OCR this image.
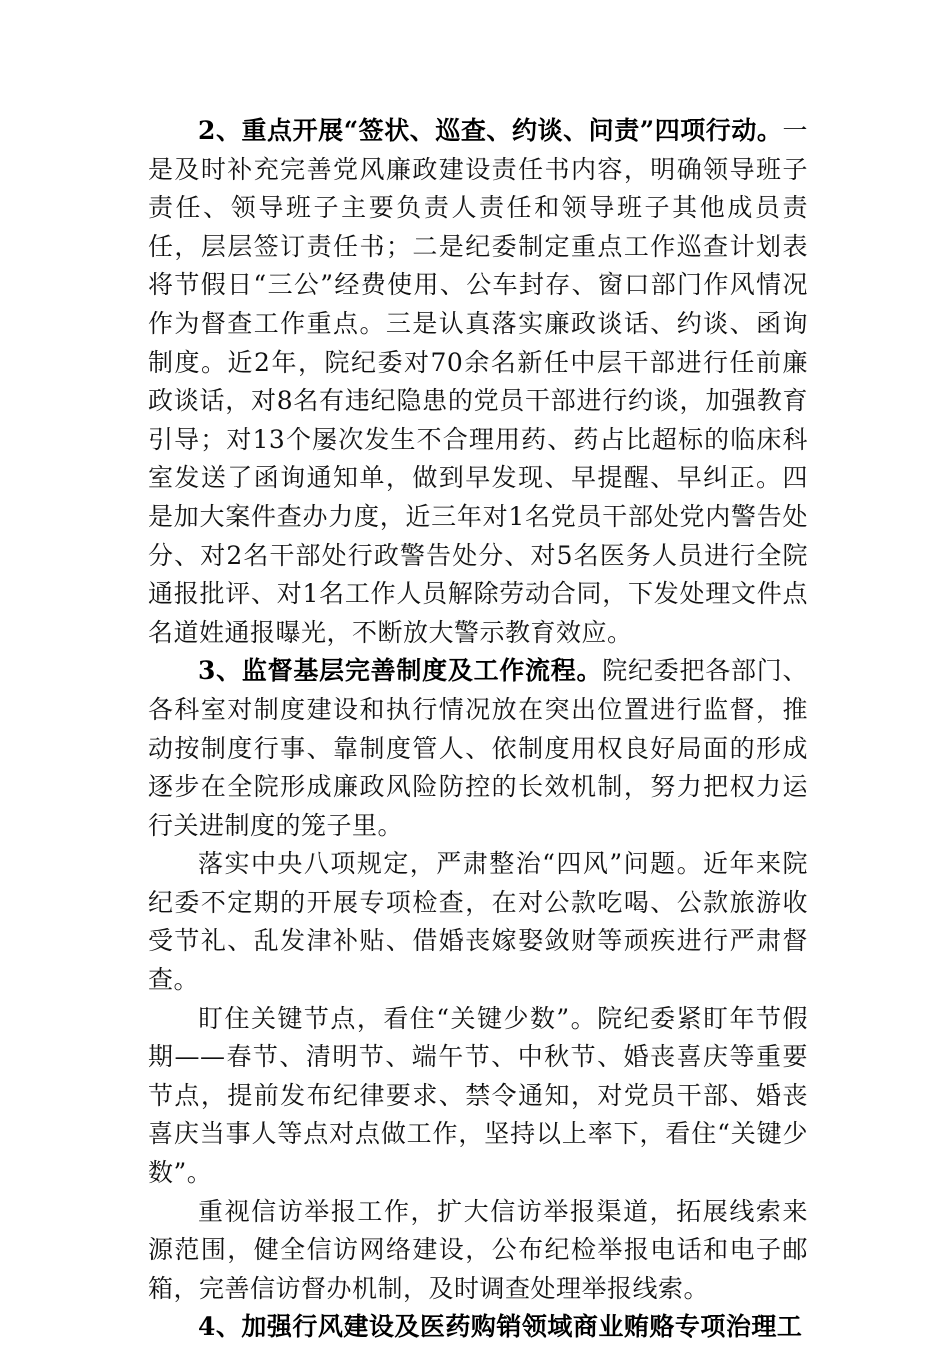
2、重点开展“签状、巡查、约谈、问责”四项行动。一是及时补充完善党风廉政建设责任书内容，明确领导班子责任、领导班子主要负责人责任和领导班子其他成员责任，层层签订责任书；二是纪委制定重点工作巡查计划表将节假日“三公”经费使用、公车封存、窗口部门作风情况作为督查工作重点。三是认真落实廉政谈话、约谈、函询制度。近2年，院纪委对70余名新任中层干部进行任前廉政谈话，对8名有违纪隐患的党员干部进行约谈，加强教育引导；对13个屡次发生不合理用药、药占比超标的临床科室发送了函询通知单，做到早发现、早提醒、早纠正。四是加大案件查办力度，近三年对1名党员干部处党内警告处分、对2名干部处行政警告处分、对5名医务人员进行全院通报批评、对1名工作人员解除劳动合同，下发处理文件点名道姓通报曝光，不断放大警示教育效应。

3、监督基层完善制度及工作流程。院纪委把各部门、各科室对制度建设和执行情况放在突出位置进行监督，推动按制度行事、靠制度管人、依制度用权良好局面的形成逐步在全院形成廉政风险防控的长效机制，努力把权力运行关进制度的笼子里。

落实中央八项规定，严肃整治“四风”问题。近年来院纪委不定期的开展专项检查，在对公款吃喝、公款旅游收受节礼、乱发津补贴、借婚丧嫁娶敛财等顽疾进行严肃督查。

盯住关键节点，看住“关键少数”。院纪委紧盯年节假期——春节、清明节、端午节、中秋节、婚丧喜庆等重要节点，提前发布纪律要求、禁令通知，对党员干部、婚丧喜庆当事人等点对点做工作，坚持以上率下，看住“关键少数”。

重视信访举报工作，扩大信访举报渠道，拓展线索来源范围，健全信访网络建设，公布纪检举报电话和电子邮箱，完善信访督办机制，及时调查处理举报线索。

4、加强行风建设及医药购销领域商业贿赂专项治理工
